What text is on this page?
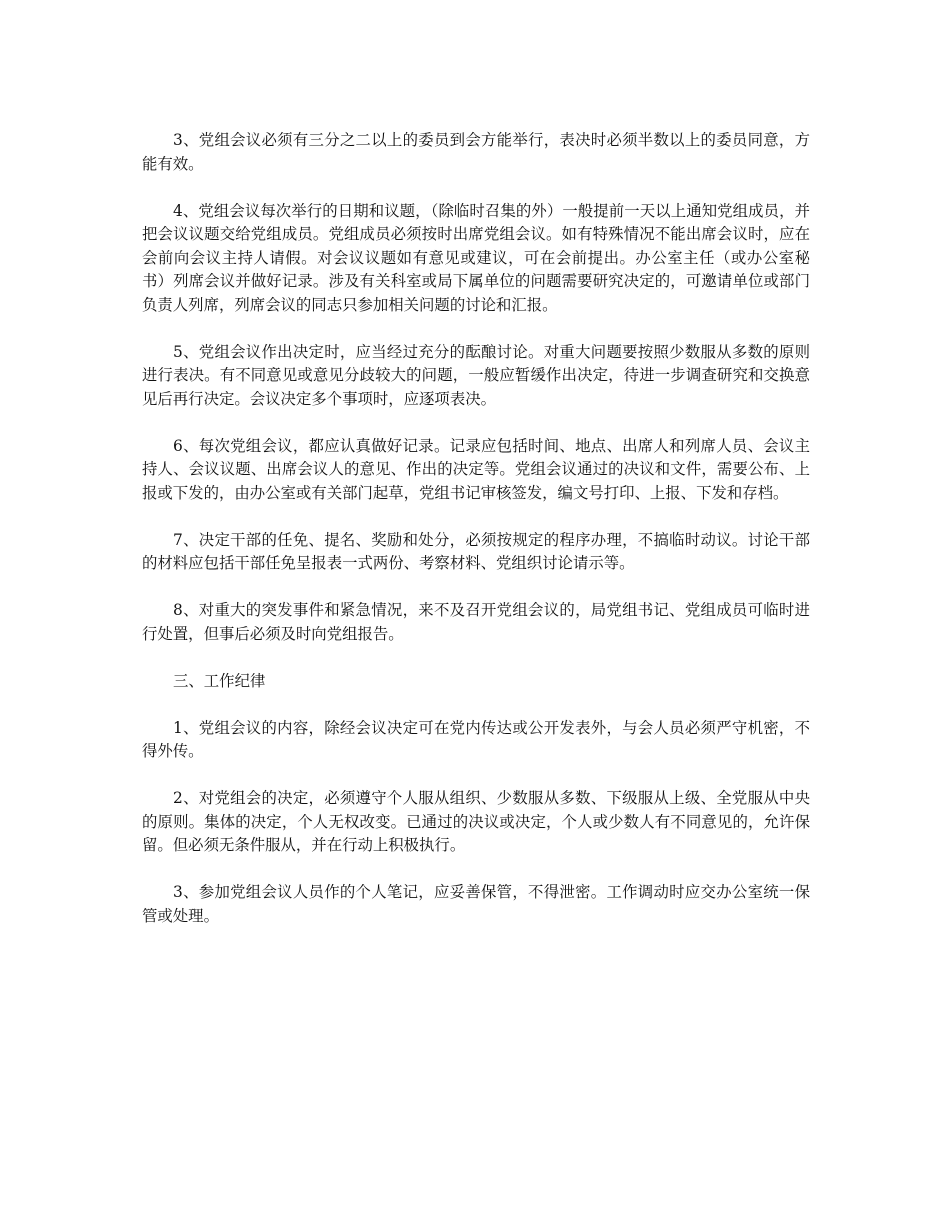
3、党组会议必须有三分之二以上的委员到会方能举行，表决时必须半数以上的委员同意，方能有效。

4、党组会议每次举行的日期和议题，（除临时召集的外）一般提前一天以上通知党组成员，并把会议议题交给党组成员。党组成员必须按时出席党组会议。如有特殊情况不能出席会议时，应在会前向会议主持人请假。对会议议题如有意见或建议，可在会前提出。办公室主任（或办公室秘书）列席会议并做好记录。涉及有关科室或局下属单位的问题需要研究决定的，可邀请单位或部门负责人列席，列席会议的同志只参加相关问题的讨论和汇报。

5、党组会议作出决定时，应当经过充分的酝酿讨论。对重大问题要按照少数服从多数的原则进行表决。有不同意见或意见分歧较大的问题，一般应暂缓作出决定，待进一步调查研究和交换意见后再行决定。会议决定多个事项时，应逐项表决。

6、每次党组会议，都应认真做好记录。记录应包括时间、地点、出席人和列席人员、会议主持人、会议议题、出席会议人的意见、作出的决定等。党组会议通过的决议和文件，需要公布、上报或下发的，由办公室或有关部门起草，党组书记审核签发，编文号打印、上报、下发和存档。

7、决定干部的任免、提名、奖励和处分，必须按规定的程序办理，不搞临时动议。讨论干部的材料应包括干部任免呈报表一式两份、考察材料、党组织讨论请示等。

8、对重大的突发事件和紧急情况，来不及召开党组会议的，局党组书记、党组成员可临时进行处置，但事后必须及时向党组报告。

三、工作纪律

1、党组会议的内容，除经会议决定可在党内传达或公开发表外，与会人员必须严守机密，不得外传。

2、对党组会的决定，必须遵守个人服从组织、少数服从多数、下级服从上级、全党服从中央的原则。集体的决定，个人无权改变。已通过的决议或决定，个人或少数人有不同意见的，允许保留。但必须无条件服从，并在行动上积极执行。

3、参加党组会议人员作的个人笔记，应妥善保管，不得泄密。工作调动时应交办公室统一保管或处理。
